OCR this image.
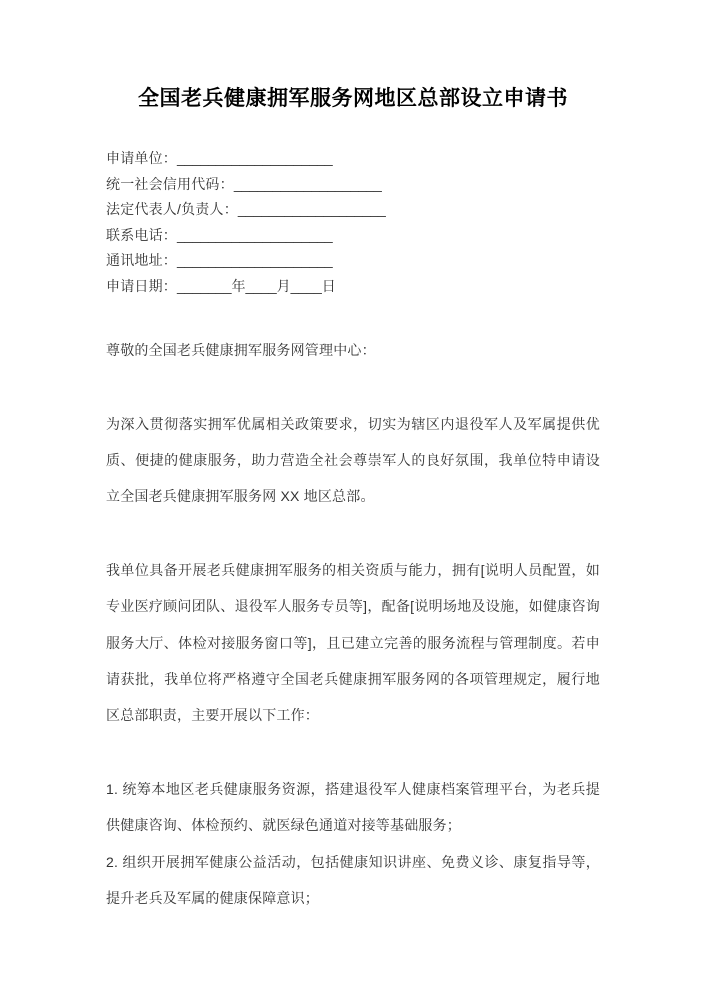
全国老兵健康拥军服务网地区总部设立申请书
申请单位：____________________
统一社会信用代码：___________________
法定代表人/负责人：___________________
联系电话：____________________
通讯地址：____________________
申请日期：_______年____月____日

尊敬的全国老兵健康拥军服务网管理中心：

为深入贯彻落实拥军优属相关政策要求，切实为辖区内退役军人及军属提供优质、便捷的健康服务，助力营造全社会尊崇军人的良好氛围，我单位特申请设立全国老兵健康拥军服务网 XX 地区总部。

我单位具备开展老兵健康拥军服务的相关资质与能力，拥有[说明人员配置，如专业医疗顾问团队、退役军人服务专员等]，配备[说明场地及设施，如健康咨询服务大厅、体检对接服务窗口等]，且已建立完善的服务流程与管理制度。若申请获批，我单位将严格遵守全国老兵健康拥军服务网的各项管理规定，履行地区总部职责，主要开展以下工作：

1. 统筹本地区老兵健康服务资源，搭建退役军人健康档案管理平台，为老兵提供健康咨询、体检预约、就医绿色通道对接等基础服务；

2. 组织开展拥军健康公益活动，包括健康知识讲座、免费义诊、康复指导等，提升老兵及军属的健康保障意识；
